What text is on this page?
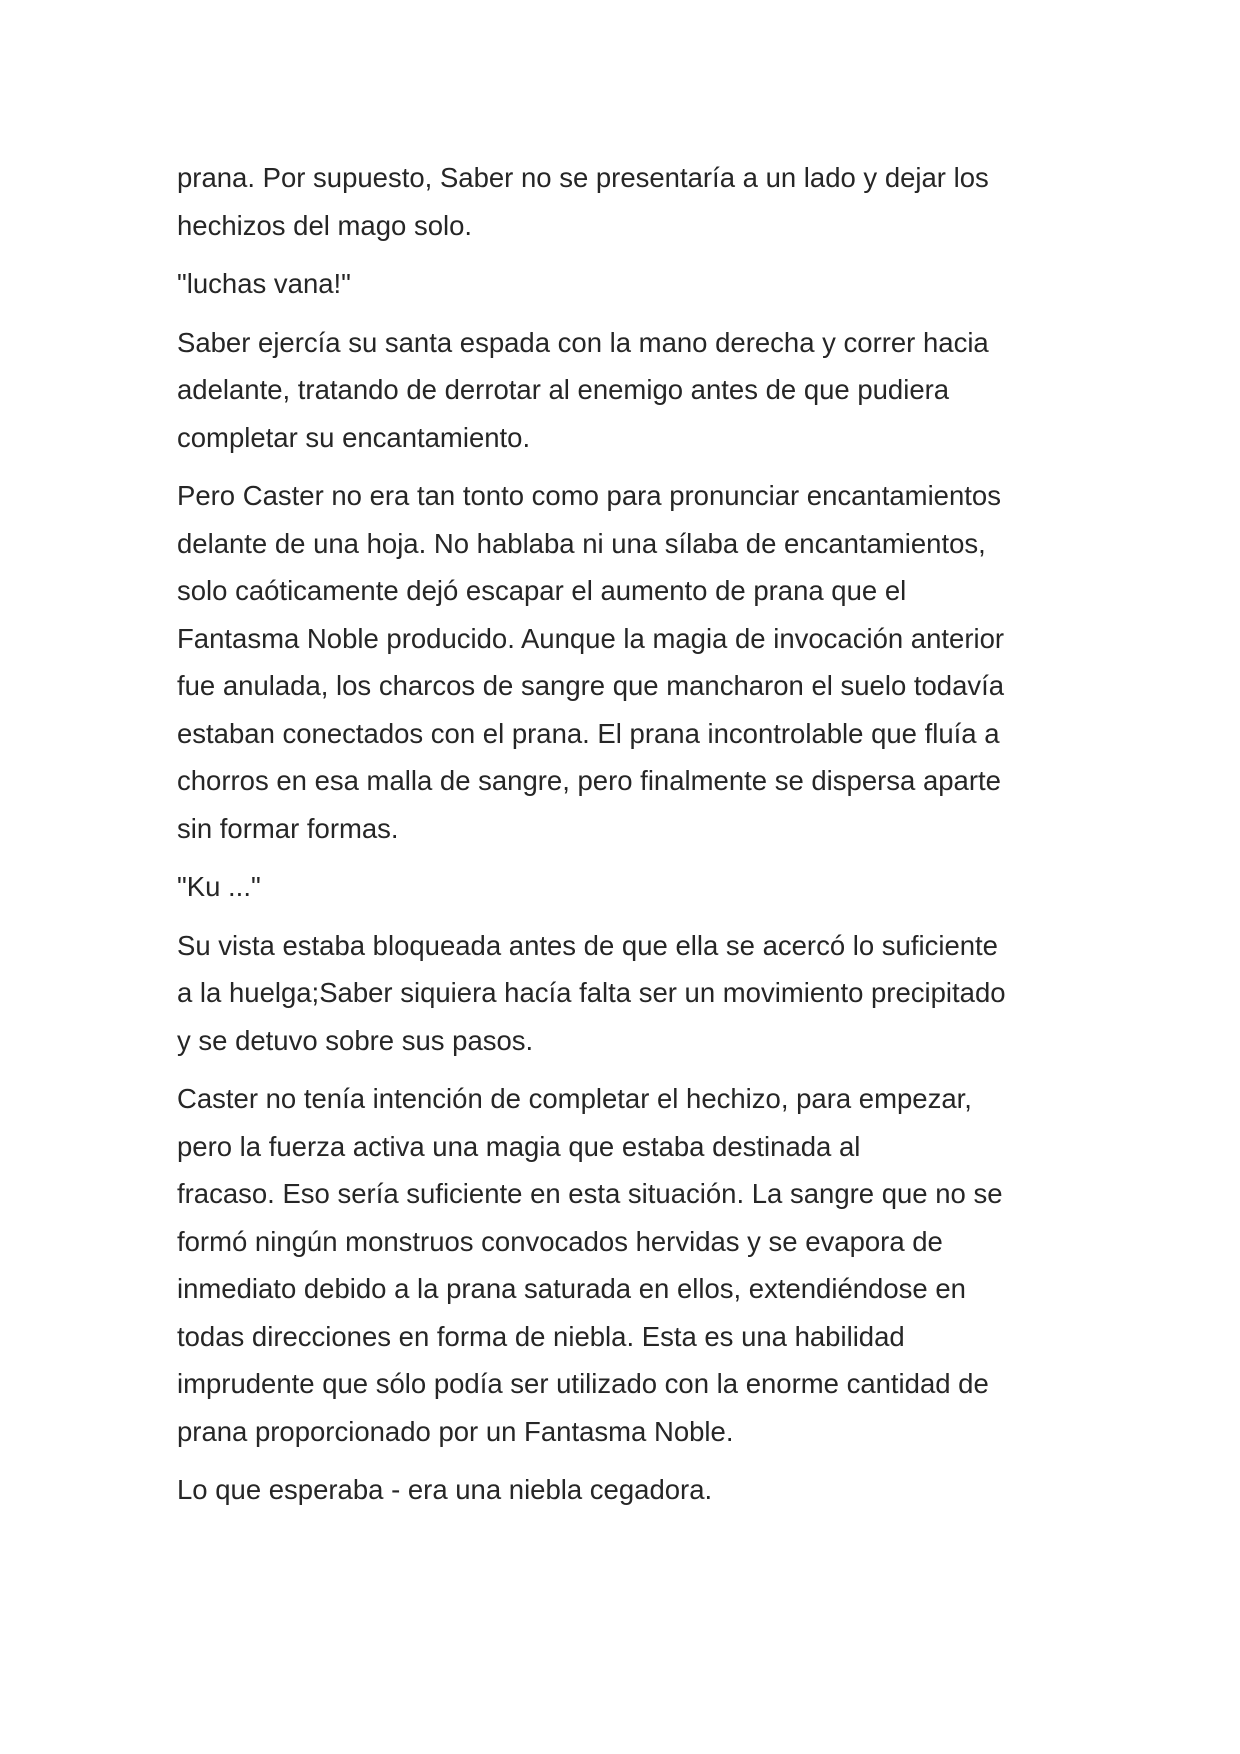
prana. Por supuesto, Saber no se presentaría a un lado y dejar los
hechizos del mago solo.

"luchas vana!"

Saber ejercía su santa espada con la mano derecha y correr hacia
adelante, tratando de derrotar al enemigo antes de que pudiera
completar su encantamiento.

Pero Caster no era tan tonto como para pronunciar encantamientos
delante de una hoja. No hablaba ni una sílaba de encantamientos,
solo caóticamente dejó escapar el aumento de prana que el
Fantasma Noble producido. Aunque la magia de invocación anterior
fue anulada, los charcos de sangre que mancharon el suelo todavía
estaban conectados con el prana. El prana incontrolable que fluía a
chorros en esa malla de sangre, pero finalmente se dispersa aparte
sin formar formas.

"Ku ..."

Su vista estaba bloqueada antes de que ella se acercó lo suficiente
a la huelga;Saber siquiera hacía falta ser un movimiento precipitado
y se detuvo sobre sus pasos.

Caster no tenía intención de completar el hechizo, para empezar,
pero la fuerza activa una magia que estaba destinada al
fracaso. Eso sería suficiente en esta situación. La sangre que no se
formó ningún monstruos convocados hervidas y se evapora de
inmediato debido a la prana saturada en ellos, extendiéndose en
todas direcciones en forma de niebla. Esta es una habilidad
imprudente que sólo podía ser utilizado con la enorme cantidad de
prana proporcionado por un Fantasma Noble.

Lo que esperaba - era una niebla cegadora.
